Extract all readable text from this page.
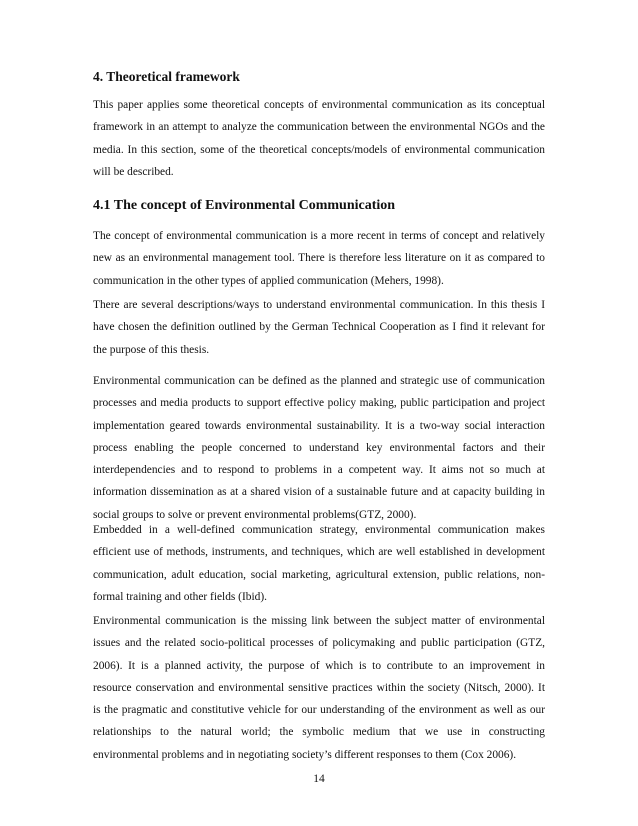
4. Theoretical framework

This paper applies some theoretical concepts of environmental communication as its conceptual
framework in an attempt to analyze the communication between the environmental NGOs and the
media. In this section, some of the theoretical concepts/models of environmental communication
will be described.

4.1 The concept of Environmental Communication

The concept of environmental communication is a more recent in terms of concept and relatively
new as an environmental management tool. There is therefore less literature on it as compared to
communication in the other types of applied communication (Mehers, 1998).

There are several descriptions/ways to understand environmental communication. In this thesis I
have chosen the definition outlined by the German Technical Cooperation as I find it relevant for
the purpose of this thesis.

Environmental communication can be defined as the planned and strategic use of communication
processes and media products to support effective policy making, public participation and project
implementation geared towards environmental sustainability. It is a two-way social interaction
process enabling the people concerned to understand key environmental factors and their
interdependencies and to respond to problems in a competent way. It aims not so much at
information dissemination as at a shared vision of a sustainable future and at capacity building in
social groups to solve or prevent environmental problems(GTZ, 2000).

Embedded in a well-defined communication strategy, environmental communication makes
efficient use of methods, instruments, and techniques, which are well established in development
communication, adult education, social marketing, agricultural extension, public relations, non-
formal training and other fields (Ibid).

Environmental communication is the missing link between the subject matter of environmental
issues and the related socio-political processes of policymaking and public participation (GTZ,
2006). It is a planned activity, the purpose of which is to contribute to an improvement in
resource conservation and environmental sensitive practices within the society (Nitsch, 2000). It
is the pragmatic and constitutive vehicle for our understanding of the environment as well as our
relationships to the natural world; the symbolic medium that we use in constructing
environmental problems and in negotiating society’s different responses to them (Cox 2006).

14
